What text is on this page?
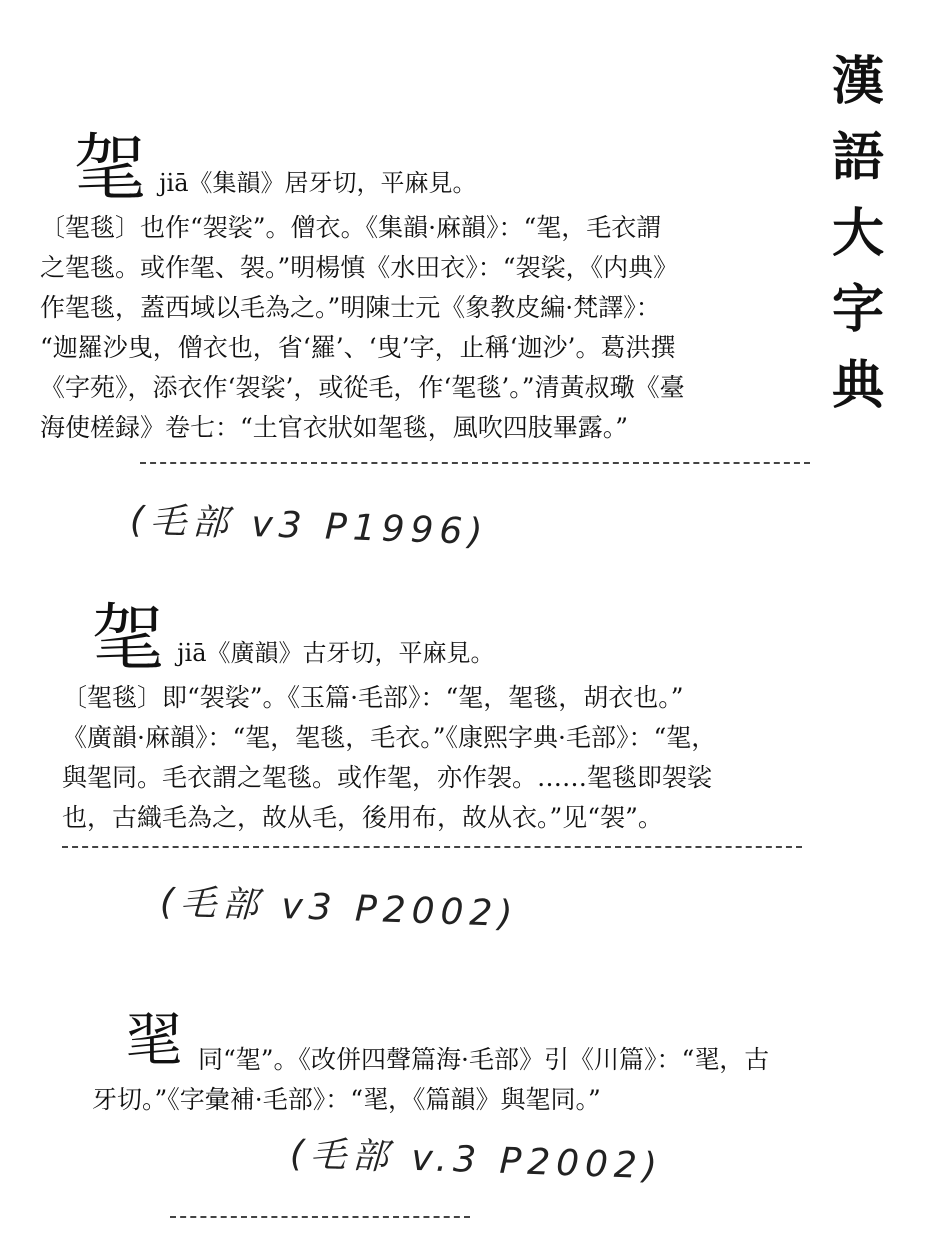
漢
語
大
字
典
毠 jiā《集韻》居牙切，平麻見。
〔毠毯〕也作“袈裟”。僧衣。《集韻·麻韻》：“毠，毛衣謂
之毠毯。或作毠、袈。”明楊慎《水田衣》：“袈裟，《内典》
作毠毯，蓋西域以毛為之。”明陳士元《象教皮編·梵譯》：
“迦羅沙曳，僧衣也，省‘羅’、‘曳’字，止稱‘迦沙’。葛洪撰
《字苑》，添衣作‘袈裟’，或從毛，作‘毠毯’。”清黃叔璥《臺
海使槎録》卷七：“土官衣狀如毠毯，風吹四肢畢露。”
(毛部 v3 P1996)
毠 jiā《廣韻》古牙切，平麻見。
〔毠毯〕即“袈裟”。《玉篇·毛部》：“毠，毠毯，胡衣也。”
《廣韻·麻韻》：“毠，毠毯，毛衣。”《康熙字典·毛部》：“毠，
與毠同。毛衣謂之毠毯。或作毠，亦作袈。……毠毯即袈裟
也，古織毛為之，故从毛，後用布，故从衣。”见“袈”。
(毛部 v3 P2002)
毣 同“毠”。《改併四聲篇海·毛部》引《川篇》：“毣，古
牙切。”《字彙補·毛部》：“毣，《篇韻》與毠同。”
(毛部 v.3 P2002)
